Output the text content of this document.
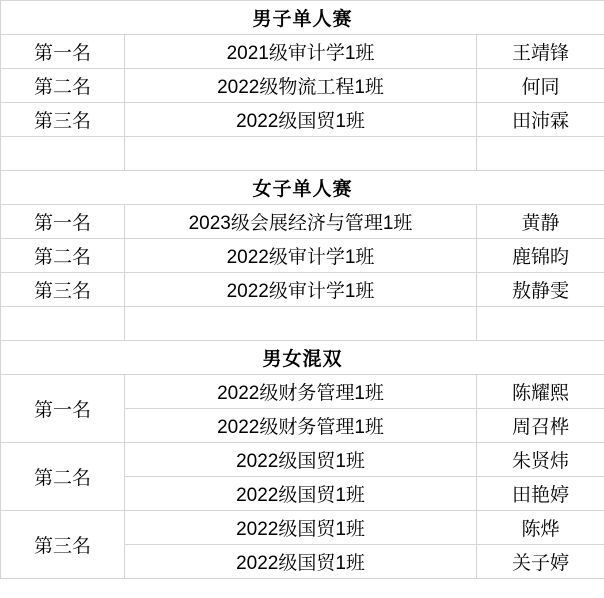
男子单人赛		
第一名	2021级审计学1班	王靖锋
第二名	2022级物流工程1班	何同
第三名	2022级国贸1班	田沛霖

女子单人赛		
第一名	2023级会展经济与管理1班	黄静
第二名	2022级审计学1班	鹿锦昀
第三名	2022级审计学1班	敖静雯

男女混双		
第一名	2022级财务管理1班	陈耀熙
	2022级财务管理1班	周召桦
第二名	2022级国贸1班	朱贤炜
	2022级国贸1班	田艳婷
第三名	2022级国贸1班	陈烨
	2022级国贸1班	关子婷
